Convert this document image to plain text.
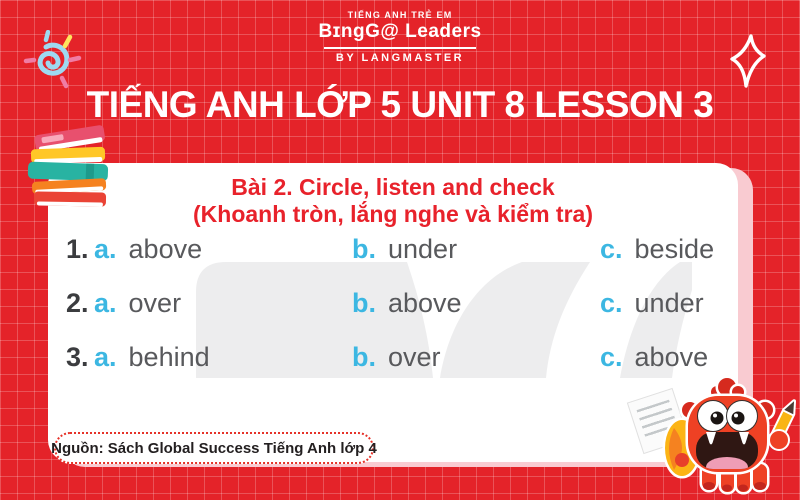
TIẾNG ANH TRẺ EM
BɪngG@ Leaders
BY LANGMASTER
TIẾNG ANH LỚP 5 UNIT 8 LESSON 3
Bài 2. Circle, listen and check
(Khoanh tròn, lắng nghe và kiểm tra)
1. a. above	b. under	c. beside
2. a. over	b. above	c. under
3. a. behind	b. over	c. above
Nguồn: Sách Global Success Tiếng Anh lớp 4
